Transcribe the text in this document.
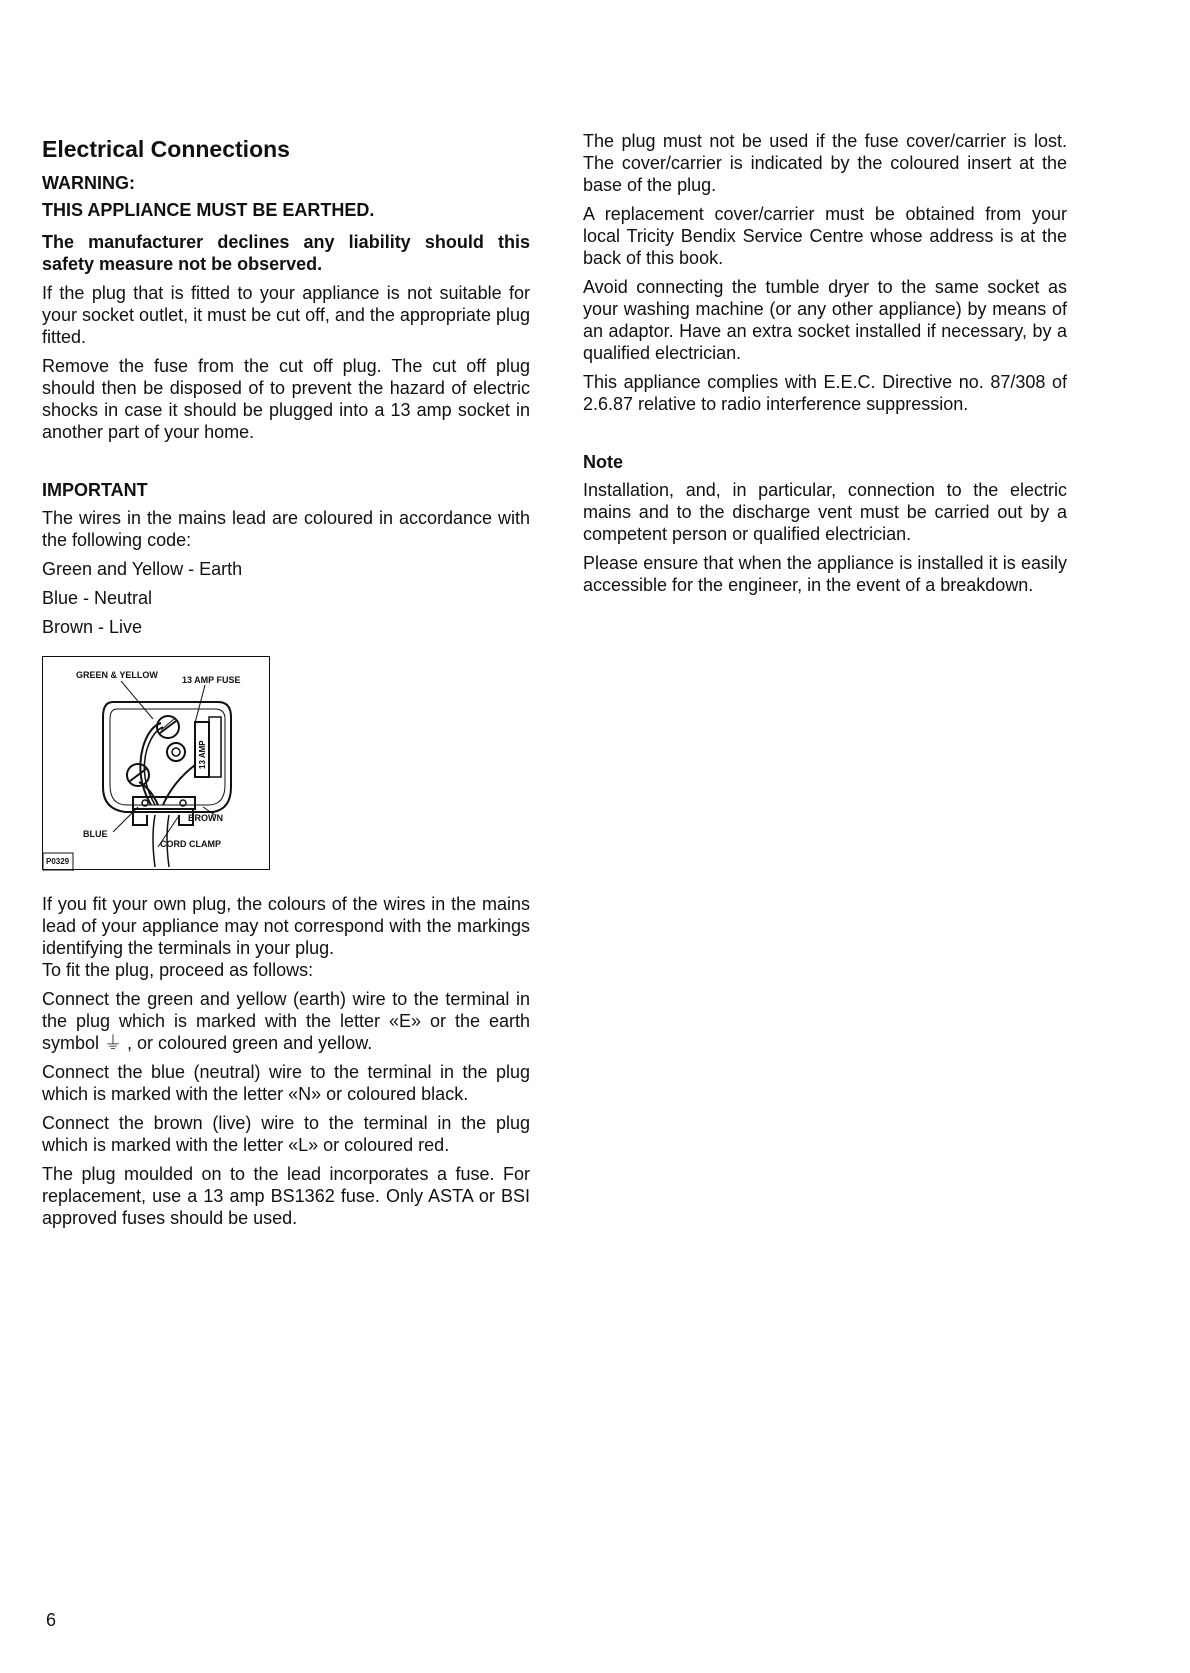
Electrical Connections
WARNING:
THIS APPLIANCE MUST BE EARTHED.

The manufacturer declines any liability should this safety measure not be observed.

If the plug that is fitted to your appliance is not suitable for your socket outlet, it must be cut off, and the appropriate plug fitted.

Remove the fuse from the cut off plug. The cut off plug should then be disposed of to prevent the hazard of electric shocks in case it should be plugged into a 13 amp socket in another part of your home.

IMPORTANT

The wires in the mains lead are coloured in accordance with the following code:

Green and Yellow - Earth

Blue - Neutral

Brown - Live

13 AMP
GREEN & YELLOW	13 AMP FUSE
BROWN
BLUE
CORD CLAMP
P0329

If you fit your own plug, the colours of the wires in the mains lead of your appliance may not correspond with the markings identifying the terminals in your plug.

To fit the plug, proceed as follows:

Connect the green and yellow (earth) wire to the terminal in the plug which is marked with the letter «E» or the earth symbol ⏚ , or coloured green and yellow.

Connect the blue (neutral) wire to the terminal in the plug which is marked with the letter «N» or coloured black.

Connect the brown (live) wire to the terminal in the plug which is marked with the letter «L» or coloured red.

The plug moulded on to the lead incorporates a fuse. For replacement, use a 13 amp BS1362 fuse. Only ASTA or BSI approved fuses should be used.

The plug must not be used if the fuse cover/carrier is lost. The cover/carrier is indicated by the coloured insert at the base of the plug.

A replacement cover/carrier must be obtained from your local Tricity Bendix Service Centre whose address is at the back of this book.

Avoid connecting the tumble dryer to the same socket as your washing machine (or any other appliance) by means of an adaptor. Have an extra socket installed if necessary, by a qualified electrician.

This appliance complies with E.E.C. Directive no. 87/308 of 2.6.87 relative to radio interference suppression.

Note

Installation, and, in particular, connection to the electric mains and to the discharge vent must be carried out by a competent person or qualified electrician.

Please ensure that when the appliance is installed it is easily accessible for the engineer, in the event of a breakdown.

6
